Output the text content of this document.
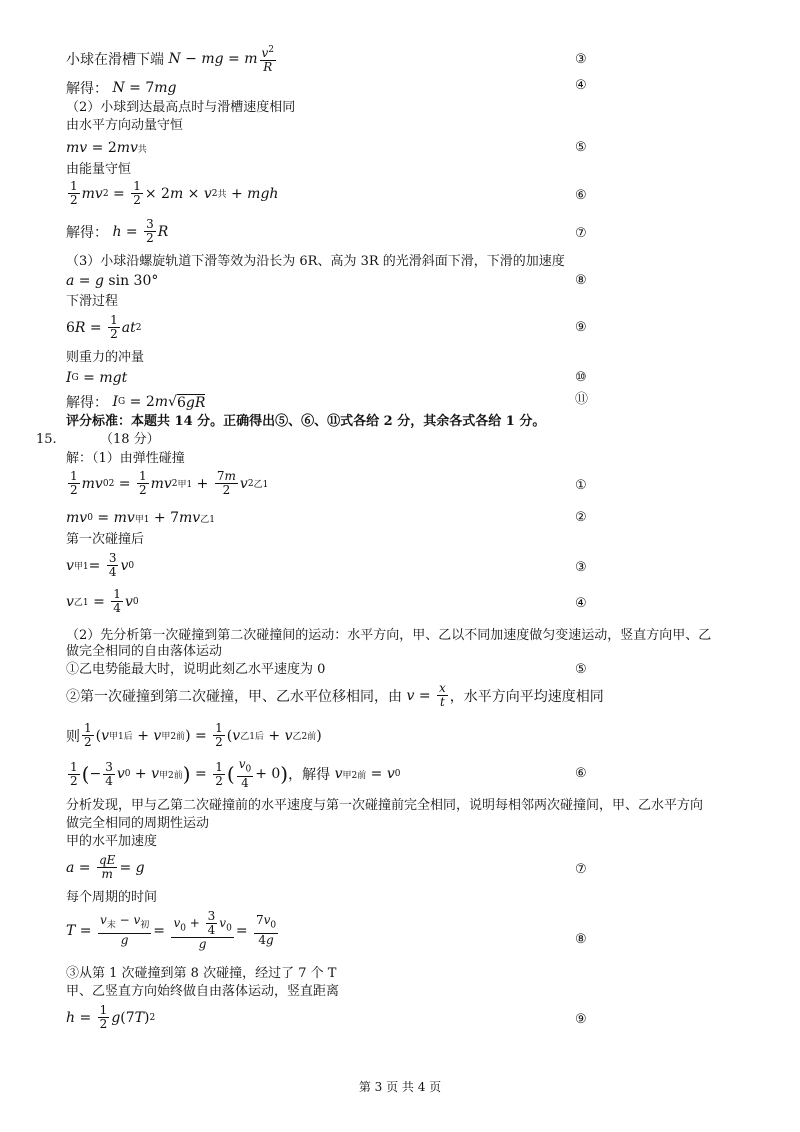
小球在滑槽下端
N − mg = m $\frac{v^2}{R}$	③
解得：
N = 7 mg	④
（2）小球到达最高点时与滑槽速度相同
由水平方向动量守恒
mv = 2 mv 共	⑤
由能量守恒
$\frac{1}{2}$ mv $2 = \frac{1}{2} \times 2$ m × v 2 共 + mgh	⑥
解得：
$h = \frac{3}{2}$ R	⑦
（3）小球沿螺旋轨道下滑等效为沿长为 6R、高为 3R 的光滑斜面下滑，下滑的加速度
a = g sin 30°	⑧
下滑过程
6 $R = \frac{1}{2}$ at 2	⑨
则重力的冲量
I G = mgt	⑩
解得：
I G = 2 m √ 6gR	⑪
评分标准：本题共 14 分。正确得出⑤、⑥、⑪式各给 2 分，其余各式各给 1 分。
15.	（18 分）
解：（1）由弹性碰撞
$\frac{1}{2}$ mv 0 $2 = \frac{1}{2}$ mv 2 甲$1 + \frac{7m}{2}$ v 2 乙1	①
mv 0 = mv 甲1 + 7 mv 乙1	②
第一次碰撞后
v 甲$1 = \frac{3}{4}$ v 0	③
v 乙$1 = \frac{1}{4}$ v 0	④
（2）先分析第一次碰撞到第二次碰撞间的运动：水平方向，甲、乙以不同加速度做匀变速运动，竖直方向甲、乙
做完全相同的自由落体运动
①乙电势能最大时，说明此刻乙水平速度为 0	⑤
②第一次碰撞到第二次碰撞，甲、乙水平位移相同，由
$v = \frac{x}{t}$ ，水平方向平均速度相同
则 $\frac{1}{2}$ ( v 甲1后 + v 甲2前 ) = $\frac{1}{2}$ ( v 乙1后 + v 乙2前 )
$\frac{1}{2}$ ( − $\frac{3}{4}$ v 0 + v 甲2前 ) = $\frac{1}{2}$ ( $\frac{v_0}{4} + 0$ ) ，解得
v 甲2前 = v 0	⑥
分析发现，甲与乙第二次碰撞前的水平速度与第一次碰撞前完全相同，说明每相邻两次碰撞间，甲、乙水平方向
做完全相同的周期性运动
甲的水平加速度
$a = \frac{qE}{m} = g$	⑦
每个周期的时间
$T = \frac{v_末 - v_初}{g} = \frac{v_0 + \frac{3}{4} v_0}{g} = \frac{7v_0}{4g}$	⑧
③从第 1 次碰撞到第 8 次碰撞，经过了 7 个 T
甲、乙竖直方向始终做自由落体运动，竖直距离
$h = \frac{1}{2}$ g (7 T ) 2	⑨
第 3 页 共 4 页
